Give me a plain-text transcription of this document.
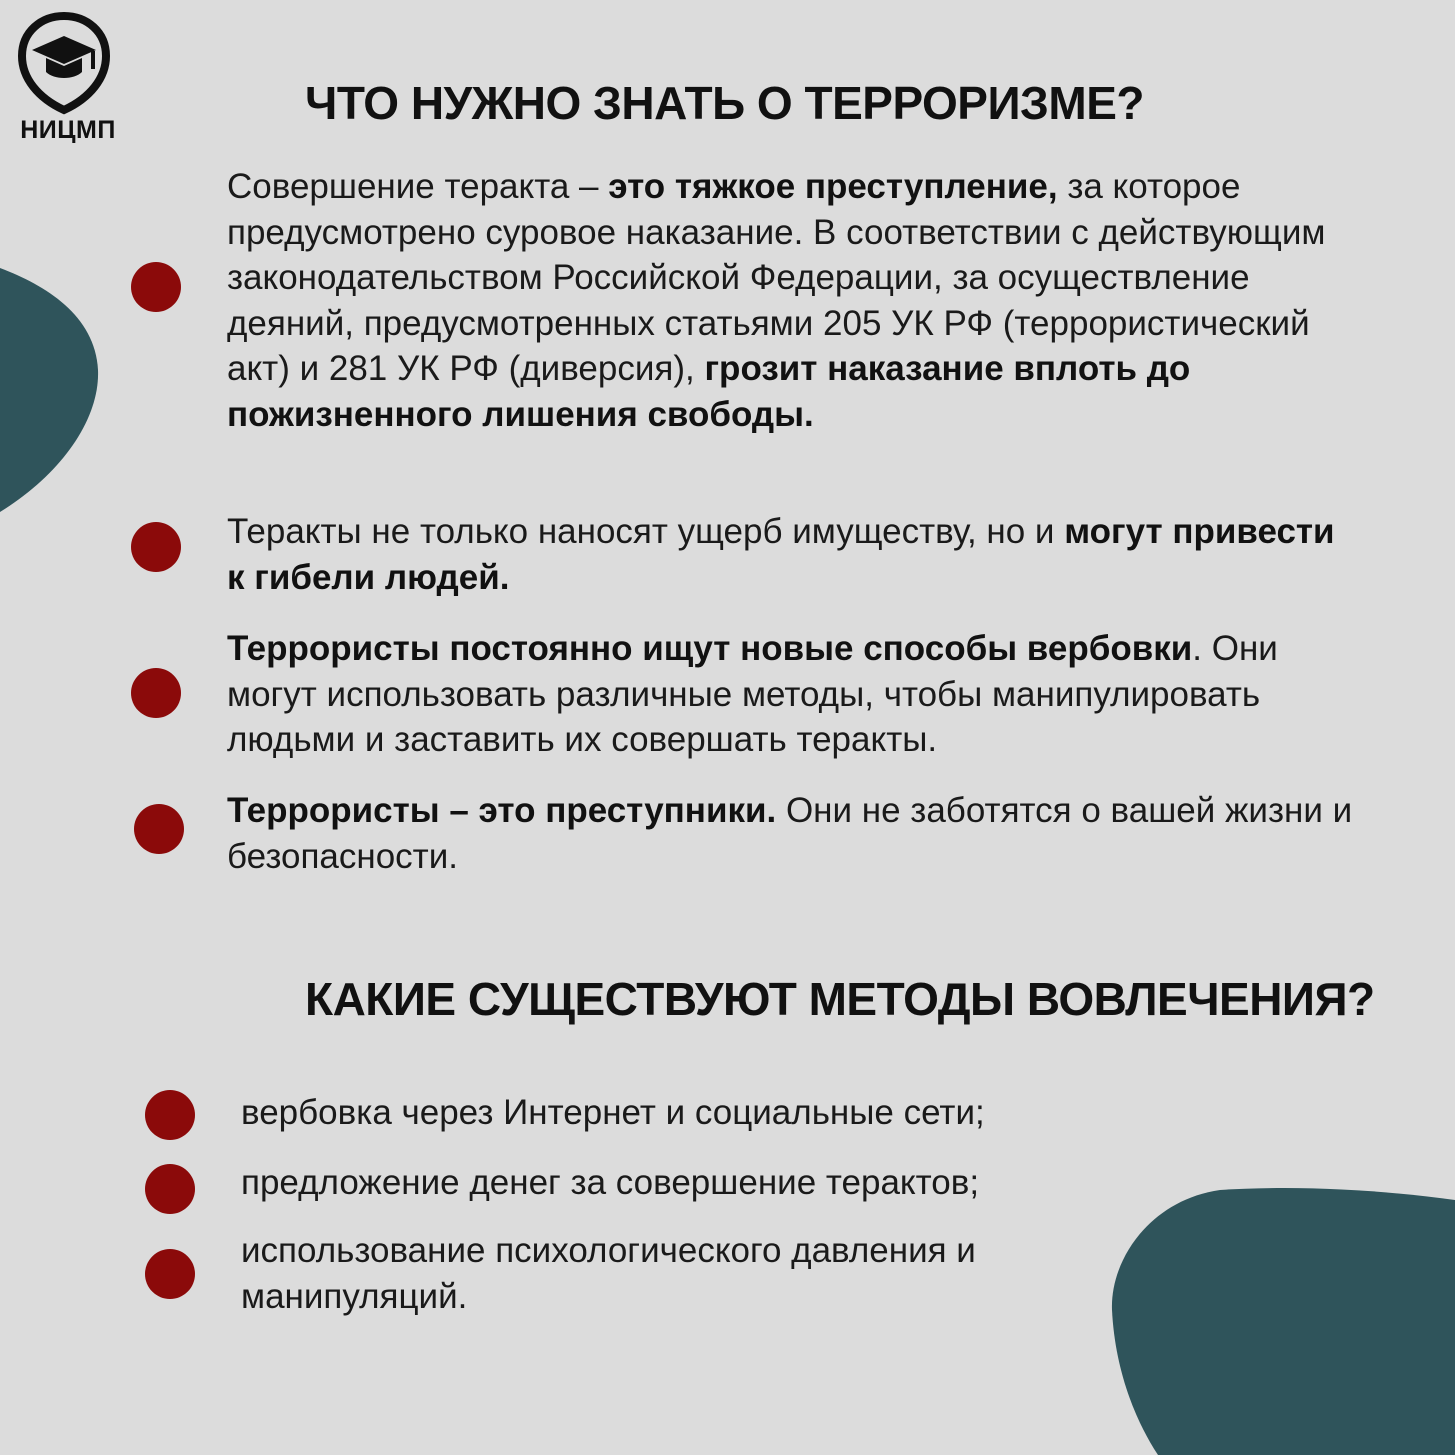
НИЦМП
ЧТО НУЖНО ЗНАТЬ О ТЕРРОРИЗМЕ?

Совершение теракта – это тяжкое преступление, за которое предусмотрено суровое наказание. В соответствии с действующим законодательством Российской Федерации, за осуществление деяний, предусмотренных статьями 205 УК РФ (террористический акт) и 281 УК РФ (диверсия), грозит наказание вплоть до пожизненного лишения свободы.

Теракты не только наносят ущерб имуществу, но и могут привести к гибели людей.

Террористы постоянно ищут новые способы вербовки. Они могут использовать различные методы, чтобы манипулировать людьми и заставить их совершать теракты.

Террористы – это преступники. Они не заботятся о вашей жизни и безопасности.

КАКИЕ СУЩЕСТВУЮТ МЕТОДЫ ВОВЛЕЧЕНИЯ?

вербовка через Интернет и социальные сети;

предложение денег за совершение терактов;

использование психологического давления и манипуляций.
